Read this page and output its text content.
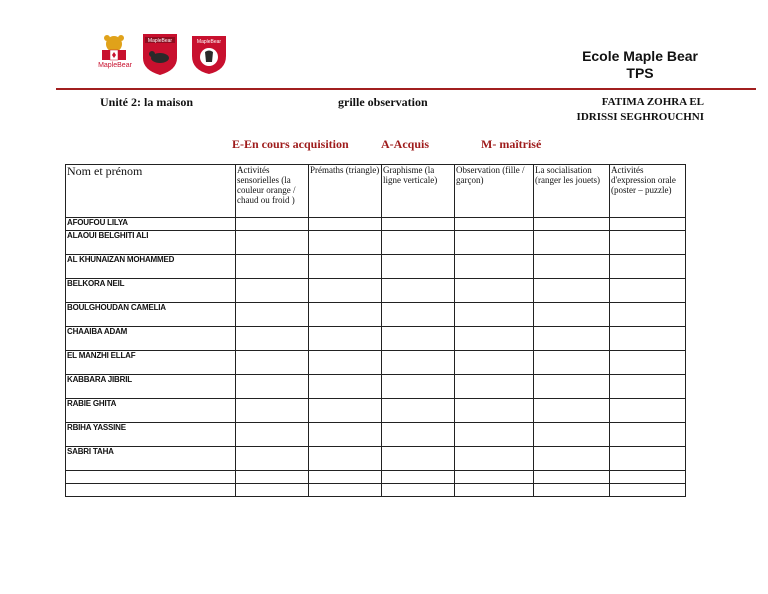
MapleBear
MapleBear	MapleBear
Ecole Maple Bear
TPS
Unité 2: la maison	grille observation	FATIMA ZOHRA EL
IDRISSI SEGHROUCHNI
E-En cours acquisition	A-Acquis	M- maîtrisé
Nom et prénom	Activités sensorielles (la couleur orange / chaud ou froid )	Prémaths (triangle)	Graphisme (la ligne verticale)	Observation (fille / garçon)	La socialisation (ranger les jouets)	Activités d'expression orale (poster – puzzle)
AFOUFOU LILYA						
ALAOUI BELGHITI ALI						
AL KHUNAIZAN MOHAMMED						
BELKORA NEIL						
BOULGHOUDAN CAMELIA						
CHAAIBA ADAM						
EL MANZHI ELLAF						
KABBARA JIBRIL						
RABIE GHITA						
RBIHA YASSINE						
SABRI TAHA						
